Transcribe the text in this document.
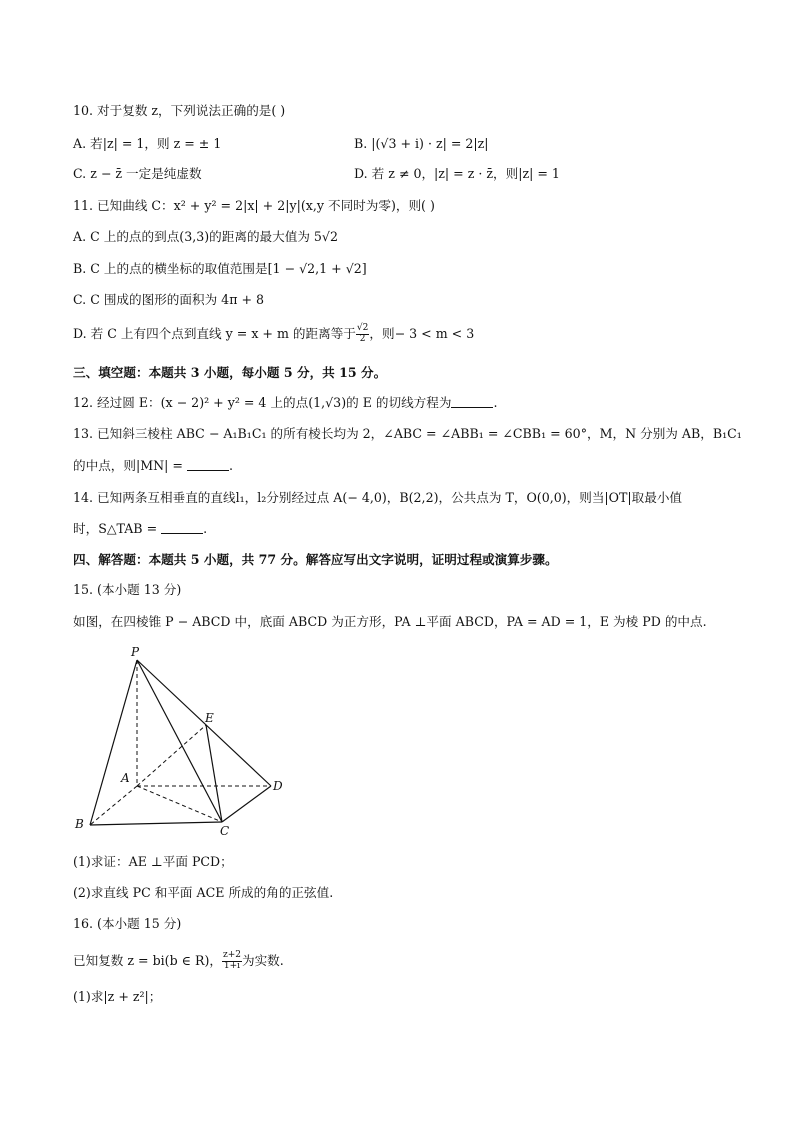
10. 对于复数 z，下列说法正确的是( )
A. 若|z| = 1，则 z = ± 1	B. |(√3 + i) · z| = 2|z|
C. z − z̄ 一定是纯虚数	D. 若 z ≠ 0，|z| = z · z̄，则|z| = 1
11. 已知曲线 C：x² + y² = 2|x| + 2|y|(x,y 不同时为零)，则( )
A. C 上的点的到点(3,3)的距离的最大值为 5√2
B. C 上的点的横坐标的取值范围是[1 − √2,1 + √2]
C. C 围成的图形的面积为 4π + 8
D. 若 C 上有四个点到直线 y = x + m 的距离等于 $\frac{√2}{2}$ ，则− 3 < m < 3
三、填空题：本题共 3 小题，每小题 5 分，共 15 分。
12. 经过圆 E：(x − 2)² + y² = 4 上的点(1,√3)的 E 的切线方程为	.
13. 已知斜三棱柱 ABC − A₁B₁C₁ 的所有棱长均为 2，∠ABC = ∠ABB₁ = ∠CBB₁ = 60°，M，N 分别为 AB，B₁C₁
的中点，则|MN| =	.
14. 已知两条互相垂直的直线l₁，l₂分别经过点 A(− 4,0)，B(2,2)，公共点为 T，O(0,0)，则当|OT|取最小值
时，S△TAB =	.
四、解答题：本题共 5 小题，共 77 分。解答应写出文字说明，证明过程或演算步骤。
15. (本小题 13 分)
如图，在四棱锥 P − ABCD 中，底面 ABCD 为正方形，PA ⊥平面 ABCD，PA = AD = 1，E 为棱 PD 的中点.
P
E
A
D
B	C
(1)求证：AE ⊥平面 PCD；
(2)求直线 PC 和平面 ACE 所成的角的正弦值.
16. (本小题 15 分)
已知复数 z = bi(b ∈ R)， $\frac{z+2}{1+i}$ 为实数.
(1)求|z + z²|；
